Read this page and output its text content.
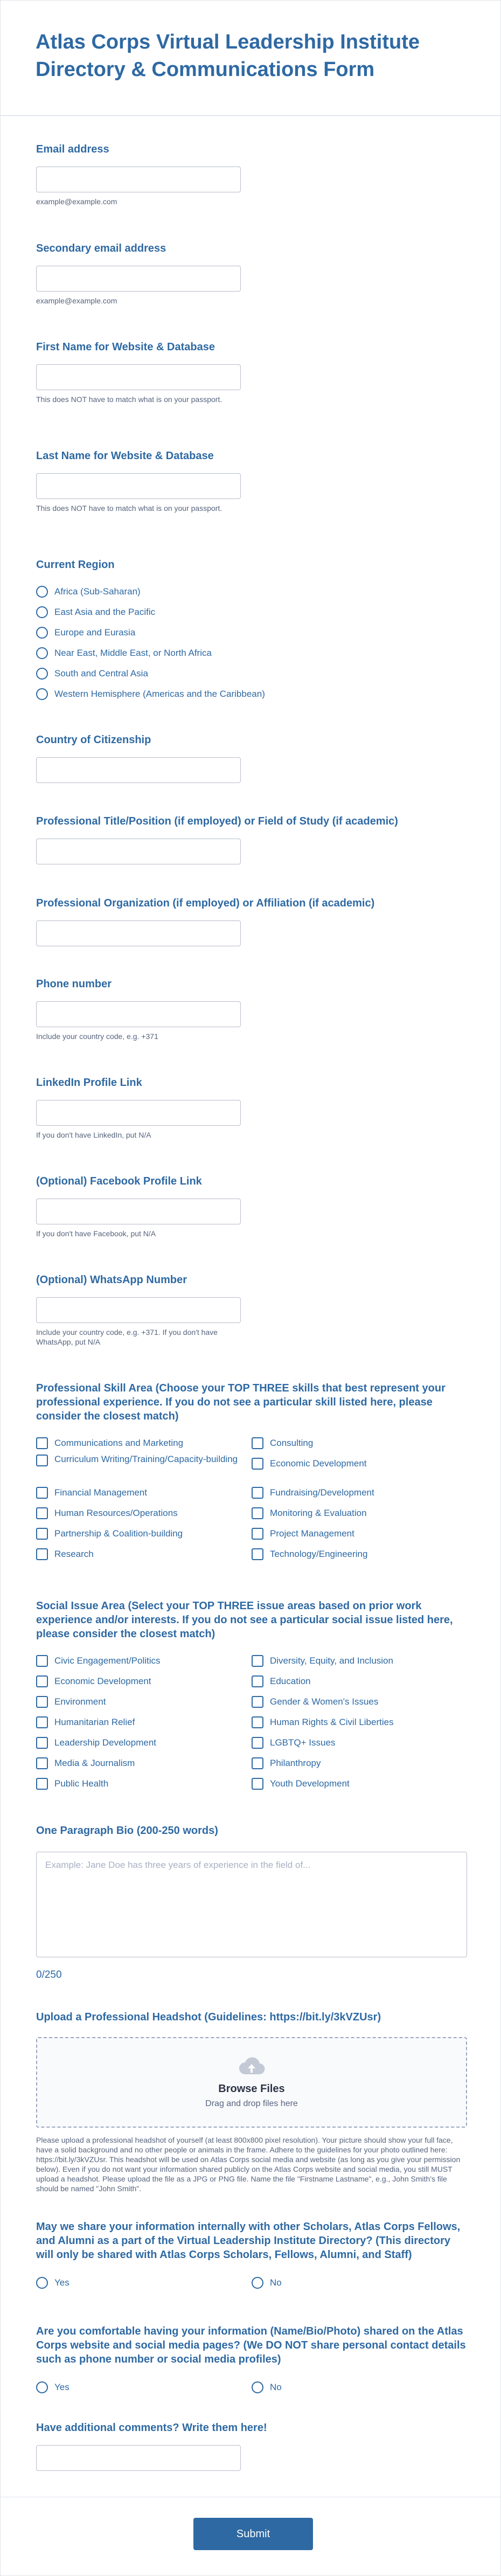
Atlas Corps Virtual Leadership Institute Directory & Communications Form
Email address
example@example.com
Secondary email address
example@example.com
First Name for Website & Database
This does NOT have to match what is on your passport.
Last Name for Website & Database
This does NOT have to match what is on your passport.
Current Region
Africa (Sub-Saharan)
East Asia and the Pacific
Europe and Eurasia
Near East, Middle East, or North Africa
South and Central Asia
Western Hemisphere (Americas and the Caribbean)
Country of Citizenship
Professional Title/Position (if employed) or Field of Study (if academic)
Professional Organization (if employed) or Affiliation (if academic)
Phone number
Include your country code, e.g. +371
LinkedIn Profile Link
If you don't have LinkedIn, put N/A
(Optional) Facebook Profile Link
If you don't have Facebook, put N/A
(Optional) WhatsApp Number
Include your country code, e.g. +371. If you don't have WhatsApp, put N/A
Professional Skill Area (Choose your TOP THREE skills that best represent your professional experience. If you do not see a particular skill listed here, please consider the closest match)
Communications and Marketing
Curriculum Writing/Training/Capacity-building
Financial Management
Human Resources/Operations
Partnership & Coalition-building
Research
Consulting
Economic Development
Fundraising/Development
Monitoring & Evaluation
Project Management
Technology/Engineering
Social Issue Area (Select your TOP THREE issue areas based on prior work experience and/or interests. If you do not see a particular social issue listed here, please consider the closest match)
Civic Engagement/Politics
Economic Development
Environment
Humanitarian Relief
Leadership Development
Media & Journalism
Public Health
Diversity, Equity, and Inclusion
Education
Gender & Women's Issues
Human Rights & Civil Liberties
LGBTQ+ Issues
Philanthropy
Youth Development
One Paragraph Bio (200-250 words)
Example: Jane Doe has three years of experience in the field of...
0/250
Upload a Professional Headshot (Guidelines: https://bit.ly/3kVZUsr)
Browse Files
Drag and drop files here
Please upload a professional headshot of yourself (at least 800x800 pixel resolution). Your picture should show your full face, have a solid background and no other people or animals in the frame. Adhere to the guidelines for your photo outlined here: https://bit.ly/3kVZUsr. This headshot will be used on Atlas Corps social media and website (as long as you give your permission below). Even if you do not want your information shared publicly on the Atlas Corps website and social media, you still MUST upload a headshot. Please upload the file as a JPG or PNG file. Name the file "Firstname Lastname", e.g., John Smith's file should be named "John Smith".
May we share your information internally with other Scholars, Atlas Corps Fellows, and Alumni as a part of the Virtual Leadership Institute Directory? (This directory will only be shared with Atlas Corps Scholars, Fellows, Alumni, and Staff)
Yes	No
Are you comfortable having your information (Name/Bio/Photo) shared on the Atlas Corps website and social media pages? (We DO NOT share personal contact details such as phone number or social media profiles)
Yes	No
Have additional comments? Write them here!
Submit
